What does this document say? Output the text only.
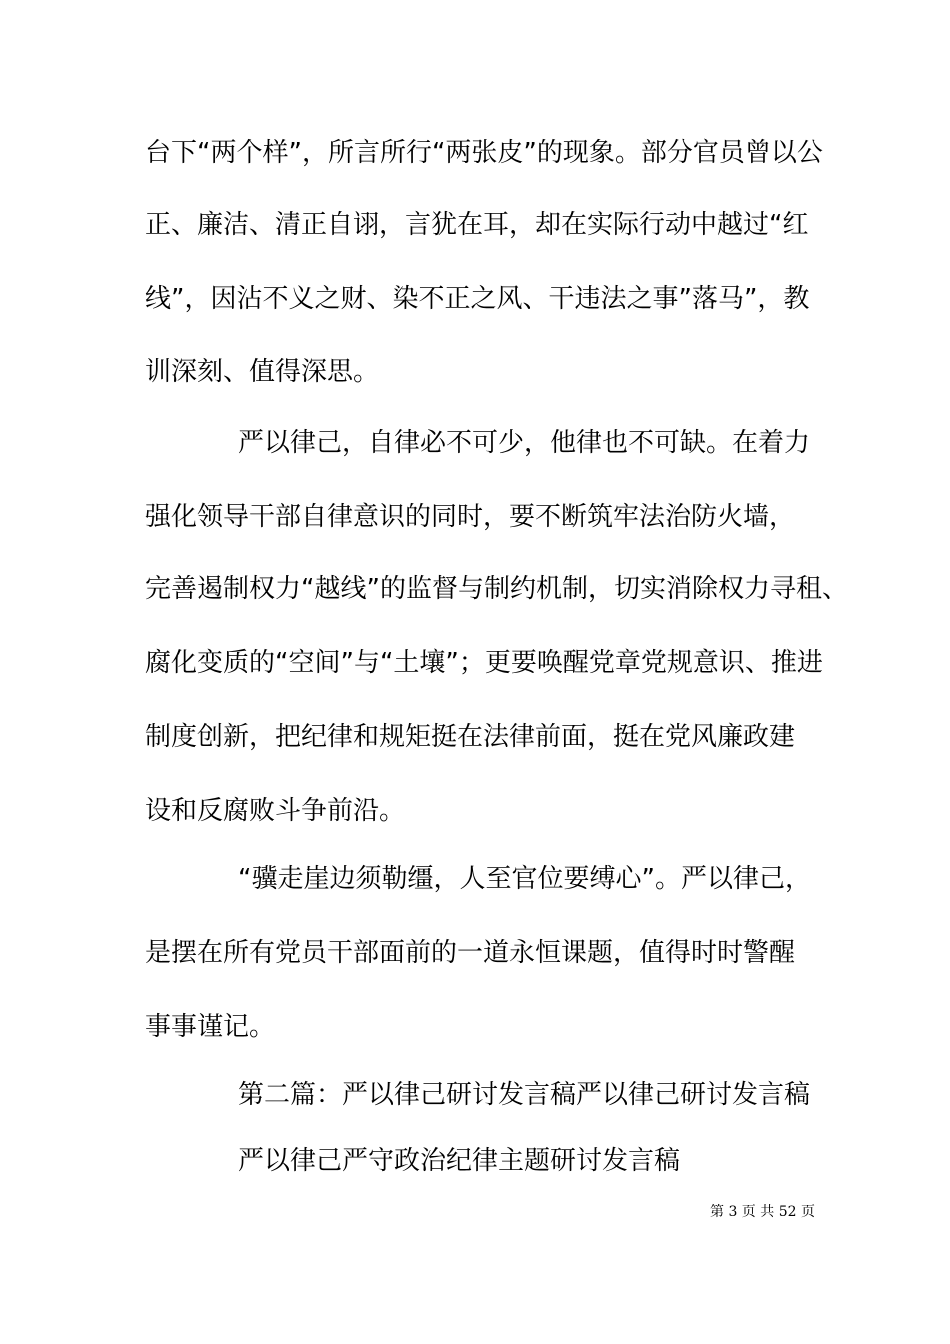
台下“两个样”，所言所行“两张皮”的现象。部分官员曾以公
正、廉洁、清正自诩，言犹在耳，却在实际行动中越过“红
线”，因沾不义之财、染不正之风、干违法之事”落马”，教
训深刻、值得深思。
严以律己，自律必不可少，他律也不可缺。在着力
强化领导干部自律意识的同时，要不断筑牢法治防火墙，
完善遏制权力“越线”的监督与制约机制，切实消除权力寻租、
腐化变质的“空间”与“土壤”；更要唤醒党章党规意识、推进
制度创新，把纪律和规矩挺在法律前面，挺在党风廉政建
设和反腐败斗争前沿。
“骥走崖边须勒缰，人至官位要缚心”。严以律己，
是摆在所有党员干部面前的一道永恒课题，值得时时警醒
事事谨记。
第二篇：严以律己研讨发言稿严以律己研讨发言稿
严以律己严守政治纪律主题研讨发言稿
第 3 页 共 52 页
